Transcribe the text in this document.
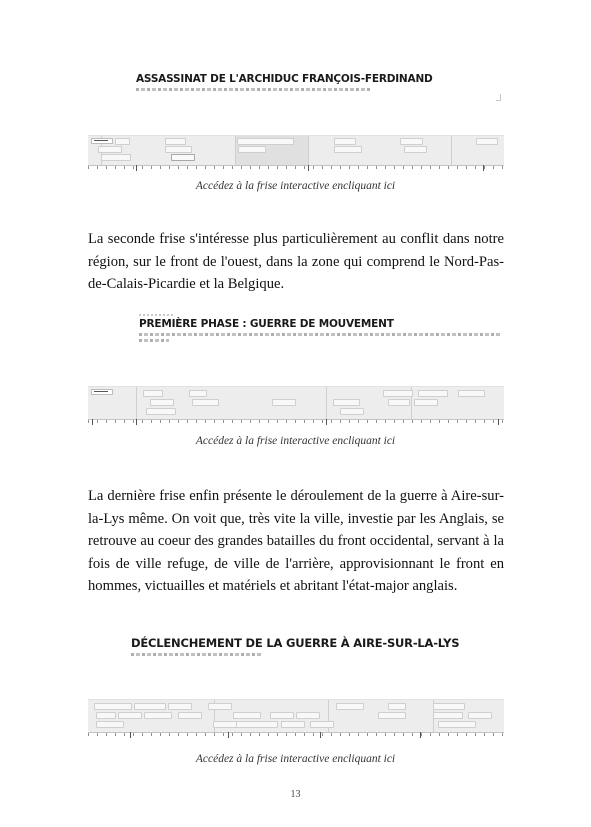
ASSASSINAT DE L'ARCHIDUC FRANÇOIS-FERDINAND
Accédez à la frise interactive encliquant ici

La seconde frise s'intéresse plus particulièrement au conflit dans notre région, sur le front de l'ouest, dans la zone qui comprend le Nord-Pas-de-Calais-Picardie et la Belgique.

PREMIÈRE PHASE : GUERRE DE MOUVEMENT
Accédez à la frise interactive encliquant ici

La dernière frise enfin présente le déroulement de la guerre à Aire-sur-la-Lys même. On voit que, très vite la ville, investie par les Anglais, se retrouve au coeur des grandes batailles du front occidental, servant à la fois de ville refuge, de ville de l'arrière, approvisionnant le front en hommes, victuailles et matériels et abritant l'état-major anglais.

DÉCLENCHEMENT DE LA GUERRE À AIRE-SUR-LA-LYS
Accédez à la frise interactive encliquant ici
13
